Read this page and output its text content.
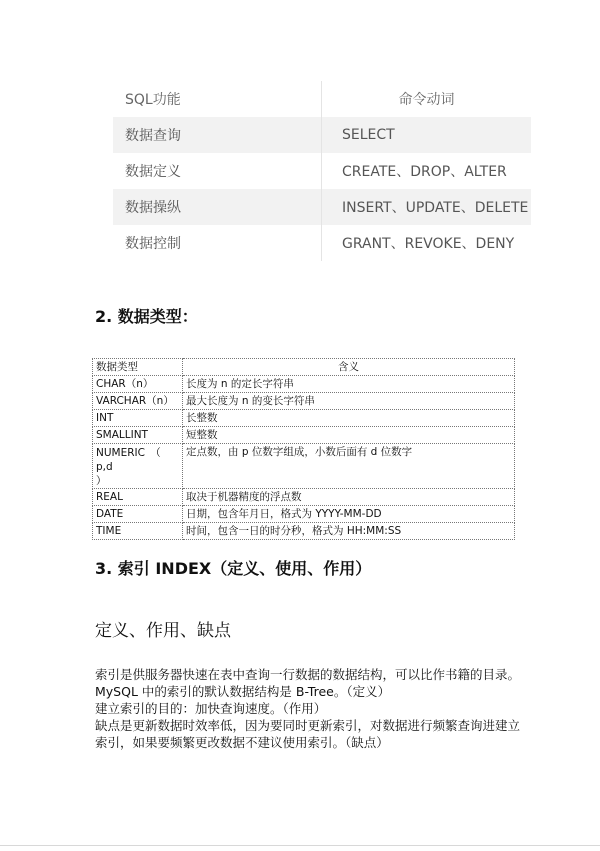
SQL功能	命令动词
数据查询	SELECT
数据定义	CREATE、DROP、ALTER
数据操纵	INSERT、UPDATE、DELETE
数据控制	GRANT、REVOKE、DENY
2. 数据类型：
数据类型	含义
CHAR（n）	长度为 n 的定长字符串
VARCHAR（n）	最大长度为 n 的变长字符串
INT	长整数
SMALLINT	短整数
NUMERIC　（　　p,d
）	定点数，由 p 位数字组成，小数后面有 d 位数字
REAL	取决于机器精度的浮点数
DATE	日期，包含年月日，格式为 YYYY-MM-DD
TIME	时间，包含一日的时分秒，格式为 HH:MM:SS
3. 索引 INDEX（定义、使用、作用）
定义、作用、缺点

索引是供服务器快速在表中查询一行数据的数据结构，可以比作书籍的目录。

MySQL 中的索引的默认数据结构是 B-Tree。（定义）

建立索引的目的：加快查询速度。（作用）

缺点是更新数据时效率低，因为要同时更新索引，对数据进行频繁查询进建立

索引，如果要频繁更改数据不建议使用索引。（缺点）
